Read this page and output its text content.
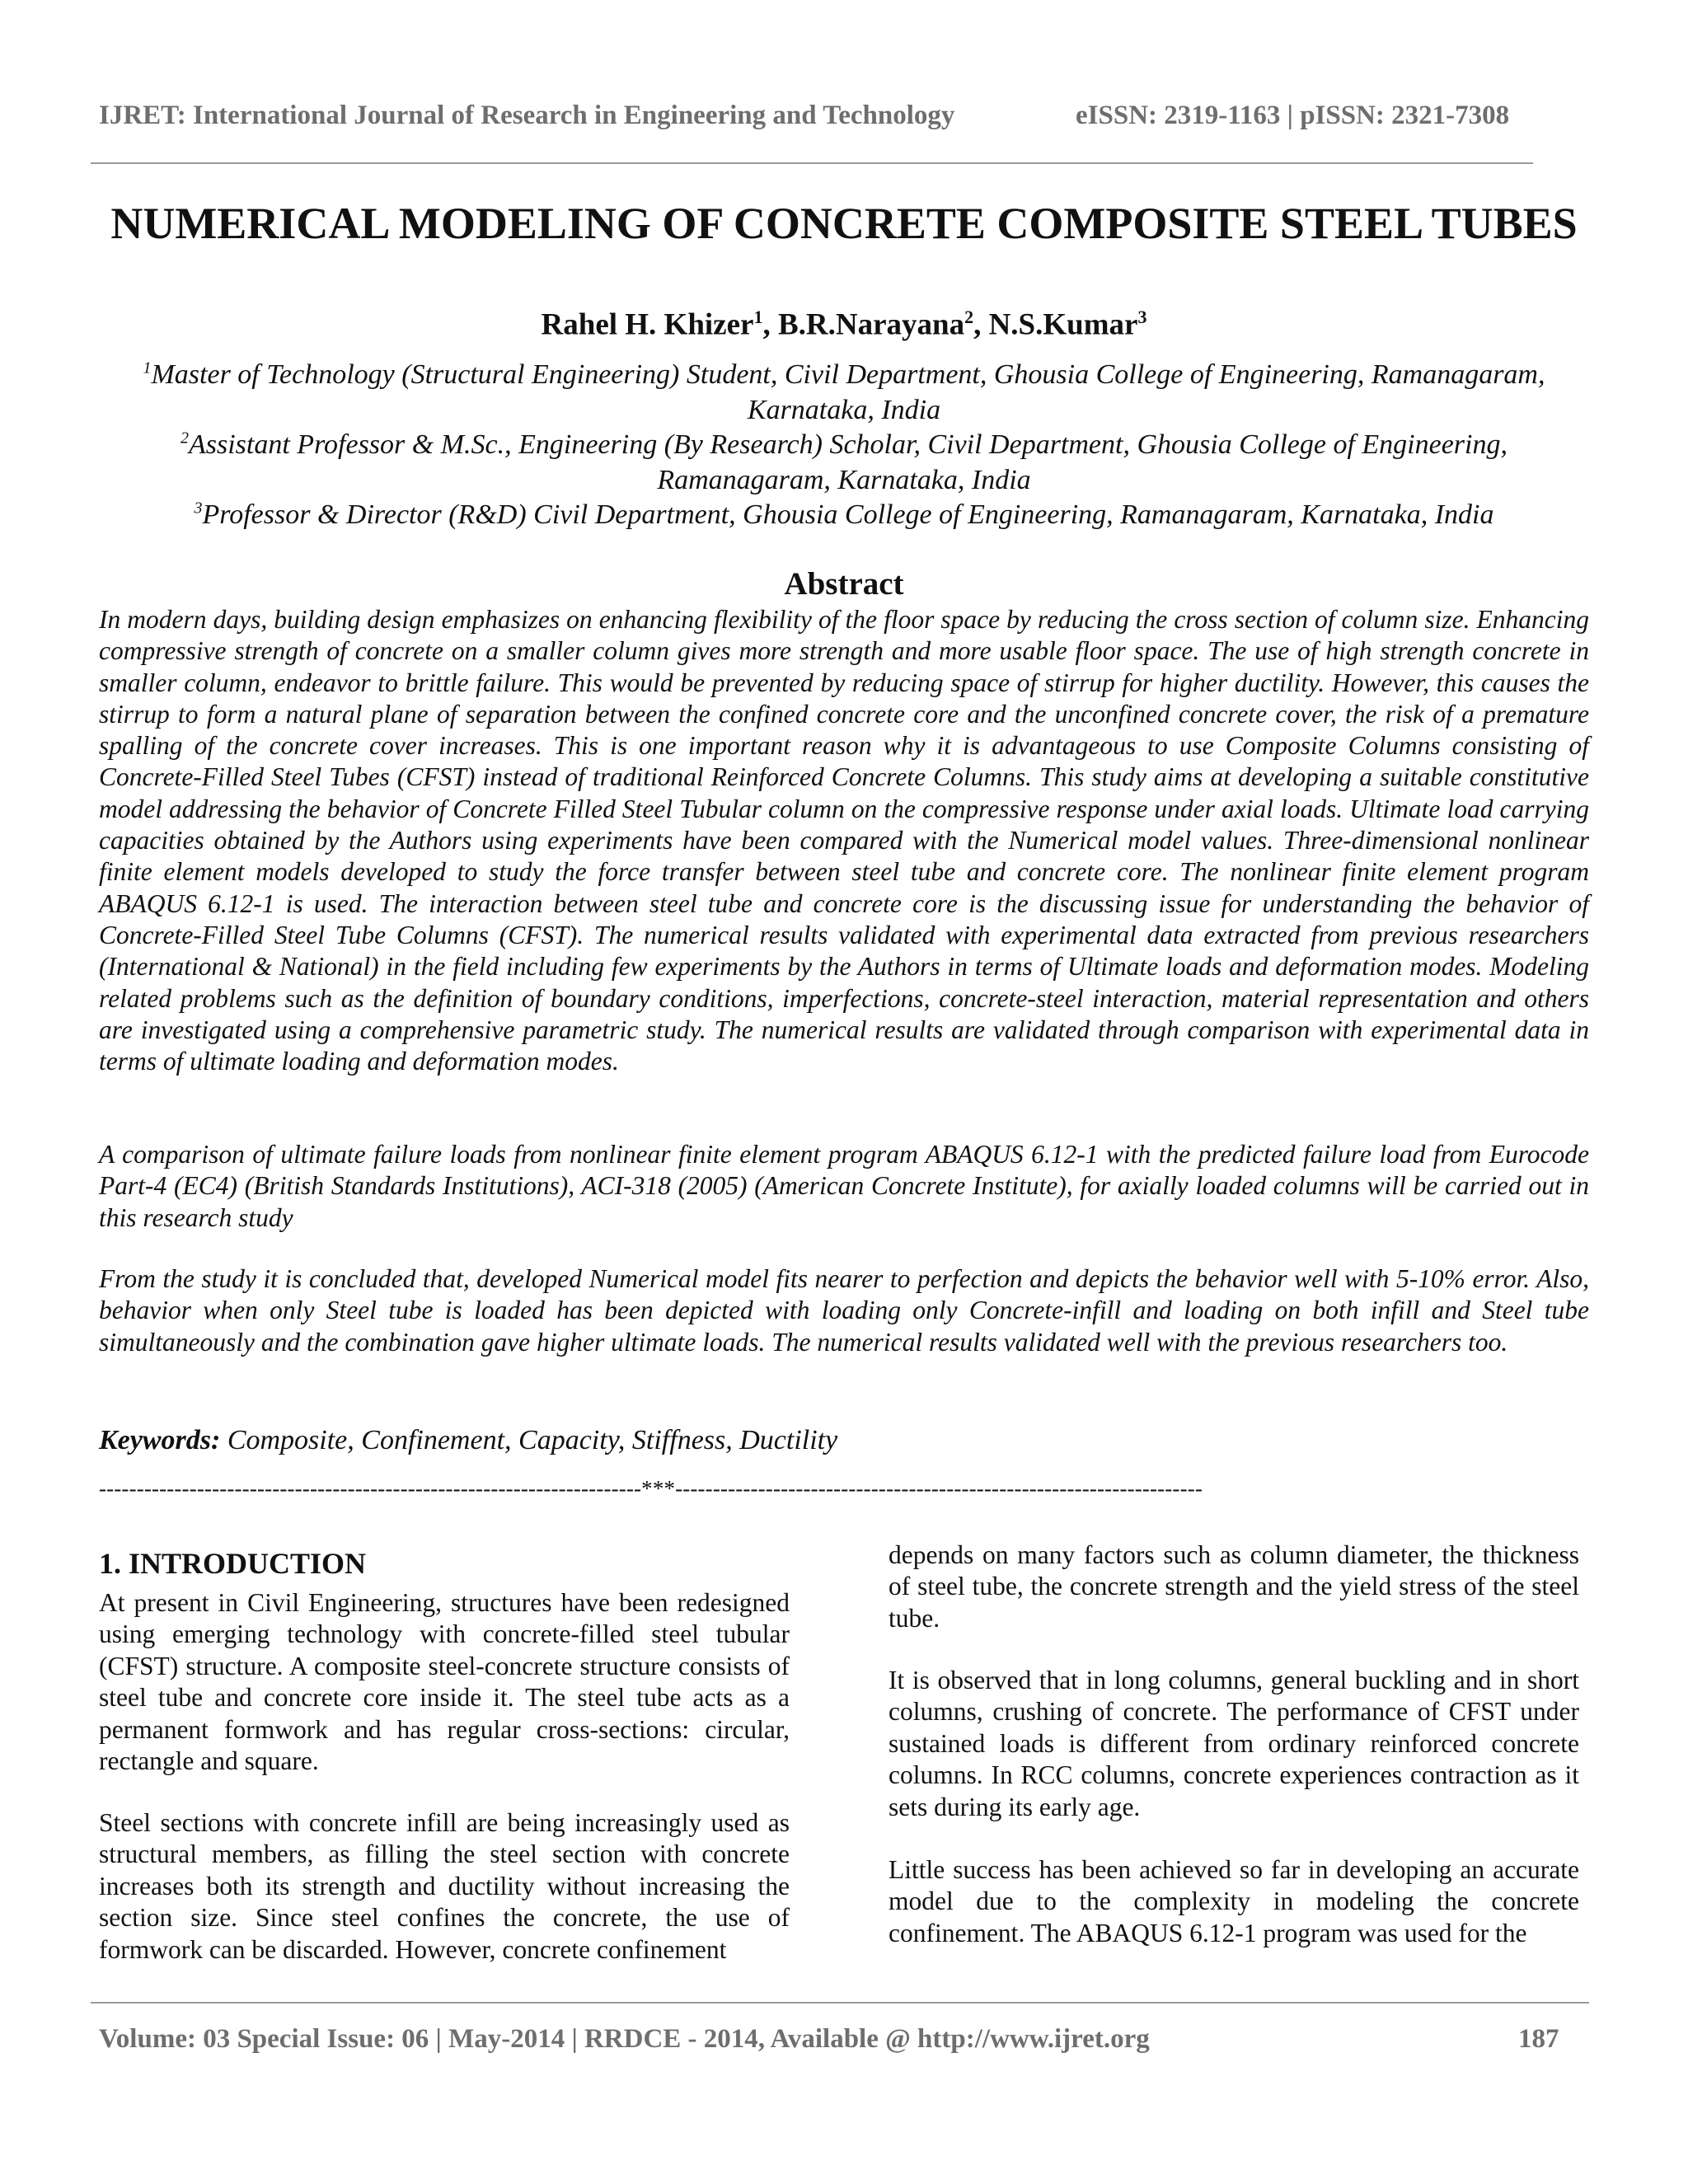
IJRET: International Journal of Research in Engineering and Technology	eISSN: 2319-1163 | pISSN: 2321-7308
NUMERICAL MODELING OF CONCRETE COMPOSITE STEEL TUBES
Rahel H. Khizer$^1$, B.R.Narayana$^2$, N.S.Kumar$^3$
$^1$Master of Technology (Structural Engineering) Student, Civil Department, Ghousia College of Engineering, Ramanagaram, Karnataka, India
$^2$Assistant Professor & M.Sc., Engineering (By Research) Scholar, Civil Department, Ghousia College of Engineering, Ramanagaram, Karnataka, India
$^3$Professor & Director (R&D) Civil Department, Ghousia College of Engineering, Ramanagaram, Karnataka, India
Abstract

In modern days, building design emphasizes on enhancing flexibility of the floor space by reducing the cross section of column size. Enhancing compressive strength of concrete on a smaller column gives more strength and more usable floor space. The use of high strength concrete in smaller column, endeavor to brittle failure. This would be prevented by reducing space of stirrup for higher ductility. However, this causes the stirrup to form a natural plane of separation between the confined concrete core and the unconfined concrete cover, the risk of a premature spalling of the concrete cover increases. This is one important reason why it is advantageous to use Composite Columns consisting of Concrete-Filled Steel Tubes (CFST) instead of traditional Reinforced Concrete Columns. This study aims at developing a suitable constitutive model addressing the behavior of Concrete Filled Steel Tubular column on the compressive response under axial loads. Ultimate load carrying capacities obtained by the Authors using experiments have been compared with the Numerical model values. Three-dimensional nonlinear finite element models developed to study the force transfer between steel tube and concrete core. The nonlinear finite element program ABAQUS 6.12-1 is used. The interaction between steel tube and concrete core is the discussing issue for understanding the behavior of Concrete-Filled Steel Tube Columns (CFST). The numerical results validated with experimental data extracted from previous researchers (International & National) in the field including few experiments by the Authors in terms of Ultimate loads and deformation modes. Modeling related problems such as the definition of boundary conditions, imperfections, concrete-steel interaction, material representation and others are investigated using a comprehensive parametric study. The numerical results are validated through comparison with experimental data in terms of ultimate loading and deformation modes.

A comparison of ultimate failure loads from nonlinear finite element program ABAQUS 6.12-1 with the predicted failure load from Eurocode Part-4 (EC4) (British Standards Institutions), ACI-318 (2005) (American Concrete Institute), for axially loaded columns will be carried out in this research study

From the study it is concluded that, developed Numerical model fits nearer to perfection and depicts the behavior well with 5-10% error. Also, behavior when only Steel tube is loaded has been depicted with loading only Concrete-infill and loading on both infill and Steel tube simultaneously and the combination gave higher ultimate loads. The numerical results validated well with the previous researchers too.

Keywords: Composite, Confinement, Capacity, Stiffness, Ductility
------------------------------------------------------------------------***----------------------------------------------------------------------
1. INTRODUCTION

At present in Civil Engineering, structures have been redesigned using emerging technology with concrete-filled steel tubular (CFST) structure. A composite steel-concrete structure consists of steel tube and concrete core inside it. The steel tube acts as a permanent formwork and has regular cross-sections: circular, rectangle and square.

Steel sections with concrete infill are being increasingly used as structural members, as filling the steel section with concrete increases both its strength and ductility without increasing the section size. Since steel confines the concrete, the use of formwork can be discarded. However, concrete confinement

depends on many factors such as column diameter, the thickness of steel tube, the concrete strength and the yield stress of the steel tube.

It is observed that in long columns, general buckling and in short columns, crushing of concrete. The performance of CFST under sustained loads is different from ordinary reinforced concrete columns. In RCC columns, concrete experiences contraction as it sets during its early age.

Little success has been achieved so far in developing an accurate model due to the complexity in modeling the concrete confinement. The ABAQUS 6.12-1 program was used for the

Volume: 03 Special Issue: 06 | May-2014 | RRDCE - 2014, Available @ http://www.ijret.org	187
